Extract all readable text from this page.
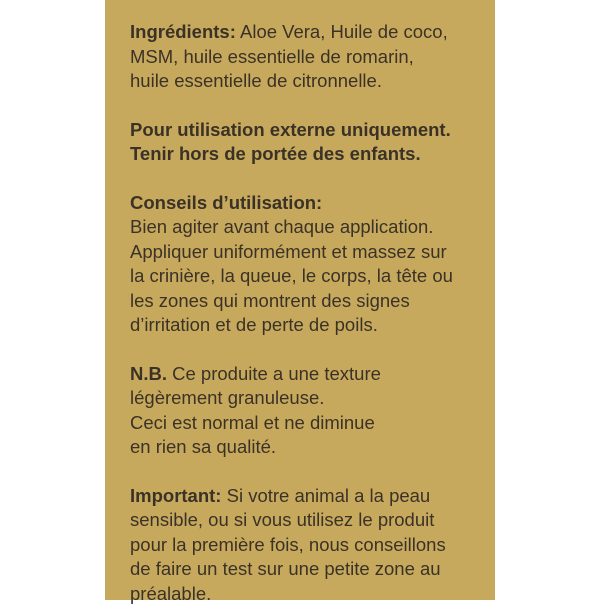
Ingrédients: Aloe Vera, Huile de coco,
MSM, huile essentielle de romarin,
huile essentielle de citronnelle.
Pour utilisation externe uniquement.
Tenir hors de portée des enfants.
Conseils d’utilisation:
Bien agiter avant chaque application.
Appliquer uniformément et massez sur
la crinière, la queue, le corps, la tête ou
les zones qui montrent des signes
d’irritation et de perte de poils.
N.B. Ce produite a une texture
légèrement granuleuse.
Ceci est normal et ne diminue
en rien sa qualité.
Important: Si votre animal a la peau
sensible, ou si vous utilisez le produit
pour la première fois, nous conseillons
de faire un test sur une petite zone au
préalable.
